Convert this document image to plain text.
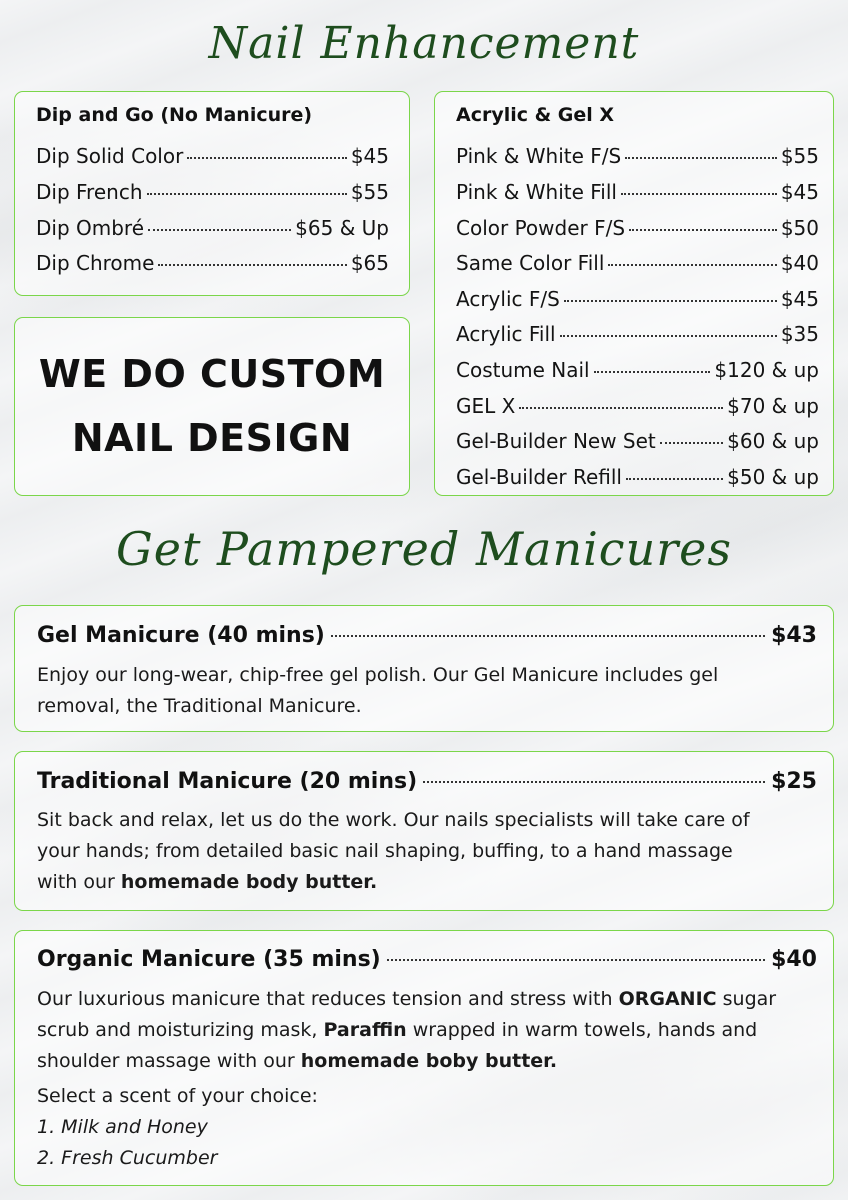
Nail Enhancement
Dip and Go (No Manicure)
Dip Solid Color	$45
Dip French	$55
Dip Ombré	$65 & Up
Dip Chrome	$65
WE DO CUSTOM
NAIL DESIGN
Acrylic & Gel X
Pink & White F/S	$55
Pink & White Fill	$45
Color Powder F/S	$50
Same Color Fill	$40
Acrylic F/S	$45
Acrylic Fill	$35
Costume Nail	$120 & up
GEL X	$70 & up
Gel-Builder New Set	$60 & up
Gel-Builder Refill	$50 & up
Get Pampered Manicures
Gel Manicure (40 mins)	$43
Enjoy our long-wear, chip-free gel polish. Our Gel Manicure includes gel removal, the Traditional Manicure.
Traditional Manicure (20 mins)	$25
Sit back and relax, let us do the work. Our nails specialists will take care of your hands; from detailed basic nail shaping, buffing, to a hand massage with our homemade body butter.
Organic Manicure (35 mins)	$40
Our luxurious manicure that reduces tension and stress with ORGANIC sugar scrub and moisturizing mask, Paraffin wrapped in warm towels, hands and shoulder massage with our homemade boby butter.
Select a scent of your choice:
1. Milk and Honey
2. Fresh Cucumber
